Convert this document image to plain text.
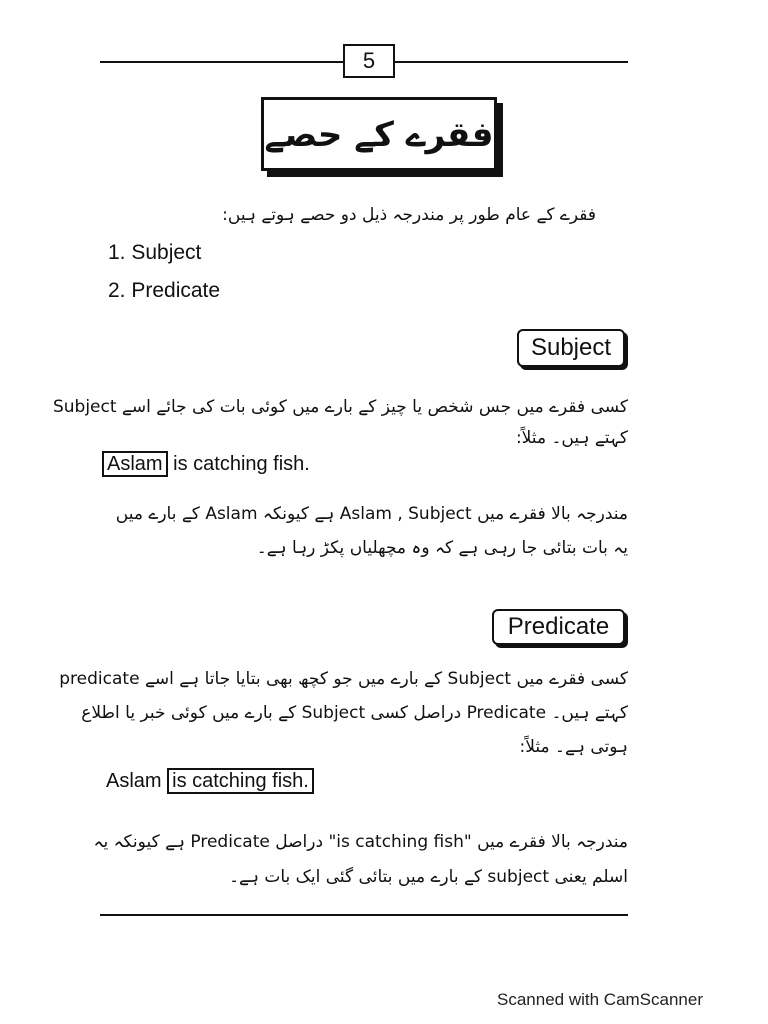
5
فقرے کے حصے
فقرے کے عام طور پر مندرجہ ذیل دو حصے ہوتے ہیں:
1. Subject
2. Predicate
Subject
کسی فقرے میں جس شخص یا چیز کے بارے میں کوئی بات کی جائے اسے Subject
کہتے ہیں۔ مثلاً:
Aslam is catching fish.
مندرجہ بالا فقرے میں Aslam , Subject ہے کیونکہ Aslam کے بارے میں
یہ بات بتائی جا رہی ہے کہ وہ مچھلیاں پکڑ رہا ہے۔
Predicate
کسی فقرے میں Subject کے بارے میں جو کچھ بھی بتایا جاتا ہے اسے predicate
کہتے ہیں۔ Predicate دراصل کسی Subject کے بارے میں کوئی خبر یا اطلاع
ہوتی ہے۔ مثلاً:
Aslam is catching fish.
مندرجہ بالا فقرے میں "is catching fish" دراصل Predicate ہے کیونکہ یہ
اسلم یعنی subject کے بارے میں بتائی گئی ایک بات ہے۔
Scanned with CamScanner
